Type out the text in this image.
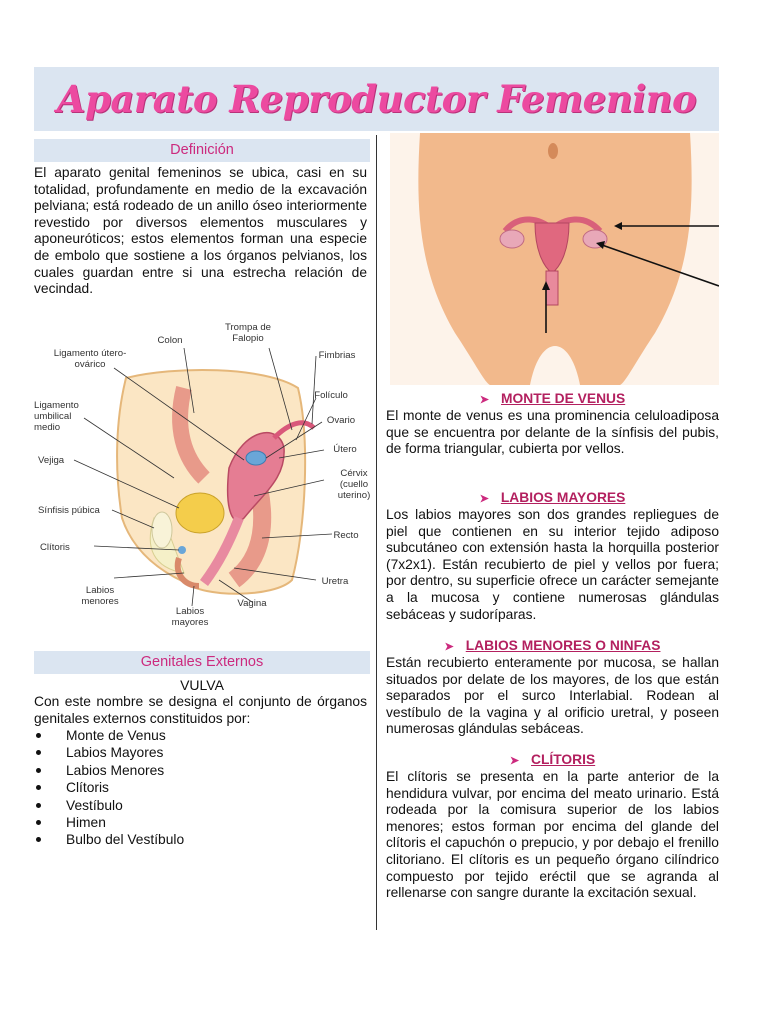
Aparato Reproductor Femenino
Definición

El aparato genital femeninos se ubica, casi en su totalidad, profundamente en medio de la excavación pelviana; está rodeado de un anillo óseo interiormente revestido por diversos elementos musculares y aponeuróticos; estos elementos forman una especie de embolo que sostiene a los órganos pelvianos, los cuales guardan entre si una estrecha relación de vecindad.

Colon
Trompa de Falopio
Fimbrias
Ligamento útero-ovárico
Folículo
Ligamento umbilical medio
Ovario
Útero
Vejiga
Cérvix (cuello uterino)
Sínfisis púbica
Recto
Clítoris
Uretra
Labios menores	Vagina
Labios mayores
Genitales Externos
VULVA

Con este nombre se designa el conjunto de órganos genitales externos constituidos por:

Monte de Venus
Labios Mayores
Labios Menores
Clítoris
Vestíbulo
Himen
Bulbo del Vestíbulo
➤ MONTE DE VENUS

El monte de venus es una prominencia celuloadiposa que se encuentra por delante de la sínfisis del pubis, de forma triangular, cubierta por vellos.

➤ LABIOS MAYORES

Los labios mayores son dos grandes repliegues de piel que contienen en su interior tejido adiposo subcutáneo con extensión hasta la horquilla posterior (7x2x1). Están recubierto de piel y vellos por fuera; por dentro, su superficie ofrece un carácter semejante a la mucosa y contiene numerosas glándulas sebáceas y sudoríparas.

➤ LABIOS MENORES O NINFAS

Están recubierto enteramente por mucosa, se hallan situados por delate de los mayores, de los que están separados por el surco Interlabial. Rodean al vestíbulo de la vagina y al orificio uretral, y poseen numerosas glándulas sebáceas.

➤ CLÍTORIS

El clítoris se presenta en la parte anterior de la hendidura vulvar, por encima del meato urinario. Está rodeada por la comisura superior de los labios menores; estos forman por encima del glande del clítoris el capuchón o prepucio, y por debajo el frenillo clitoriano. El clítoris es un pequeño órgano cilíndrico compuesto por tejido eréctil que se agranda al rellenarse con sangre durante la excitación sexual.
